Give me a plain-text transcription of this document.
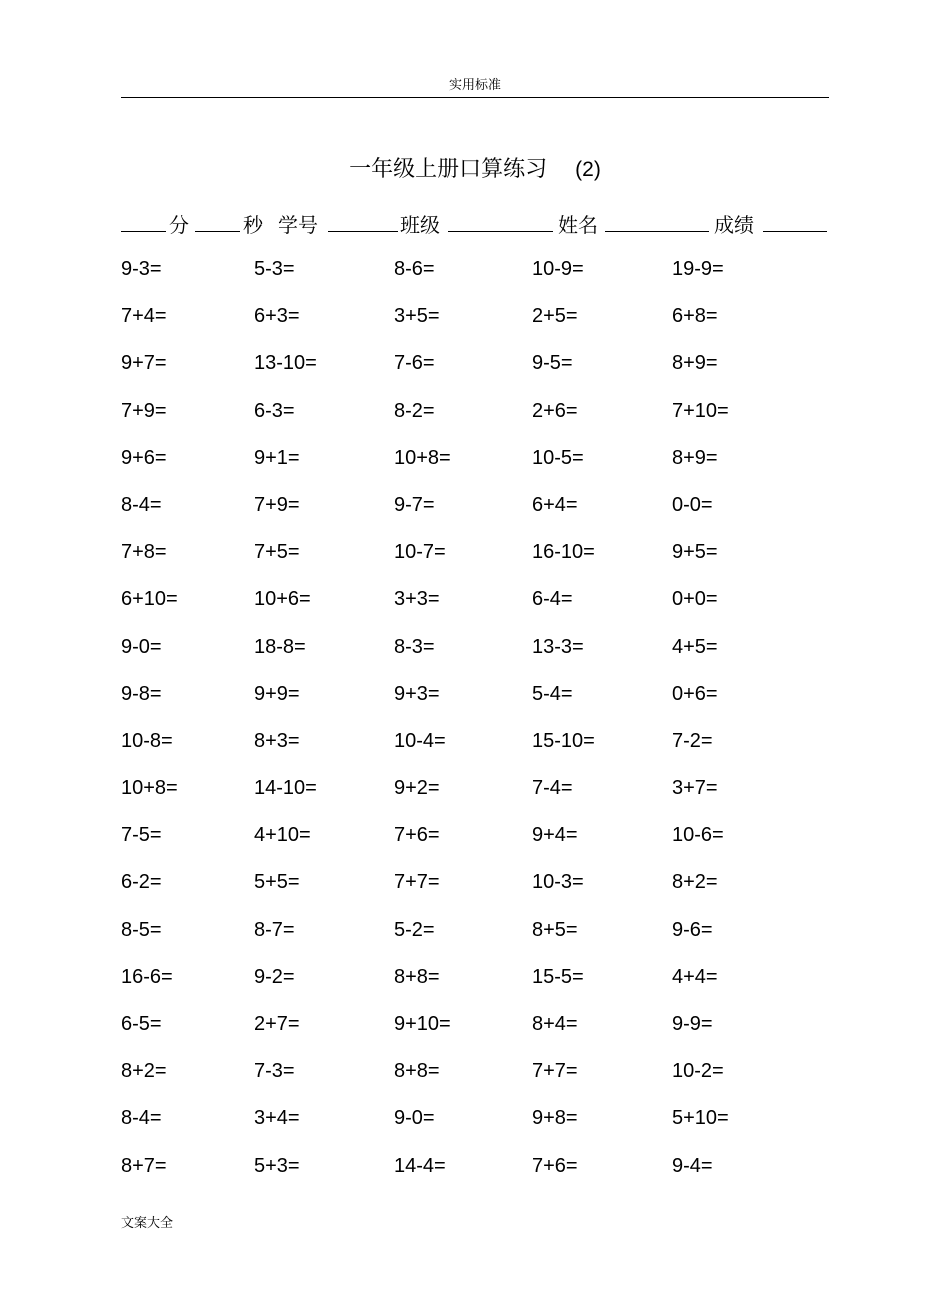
实用标准
一年级上册口算练习 (2)
分	秒 学号	班级	姓名	成绩
9-3=	5-3=	8-6=	10-9=	19-9=
7+4=	6+3=	3+5=	2+5=	6+8=
9+7=	13-10=	7-6=	9-5=	8+9=
7+9=	6-3=	8-2=	2+6=	7+10=
9+6=	9+1=	10+8=	10-5=	8+9=
8-4=	7+9=	9-7=	6+4=	0-0=
7+8=	7+5=	10-7=	16-10=	9+5=
6+10=	10+6=	3+3=	6-4=	0+0=
9-0=	18-8=	8-3=	13-3=	4+5=
9-8=	9+9=	9+3=	5-4=	0+6=
10-8=	8+3=	10-4=	15-10=	7-2=
10+8=	14-10=	9+2=	7-4=	3+7=
7-5=	4+10=	7+6=	9+4=	10-6=
6-2=	5+5=	7+7=	10-3=	8+2=
8-5=	8-7=	5-2=	8+5=	9-6=
16-6=	9-2=	8+8=	15-5=	4+4=
6-5=	2+7=	9+10=	8+4=	9-9=
8+2=	7-3=	8+8=	7+7=	10-2=
8-4=	3+4=	9-0=	9+8=	5+10=
8+7=	5+3=	14-4=	7+6=	9-4=
文案大全
